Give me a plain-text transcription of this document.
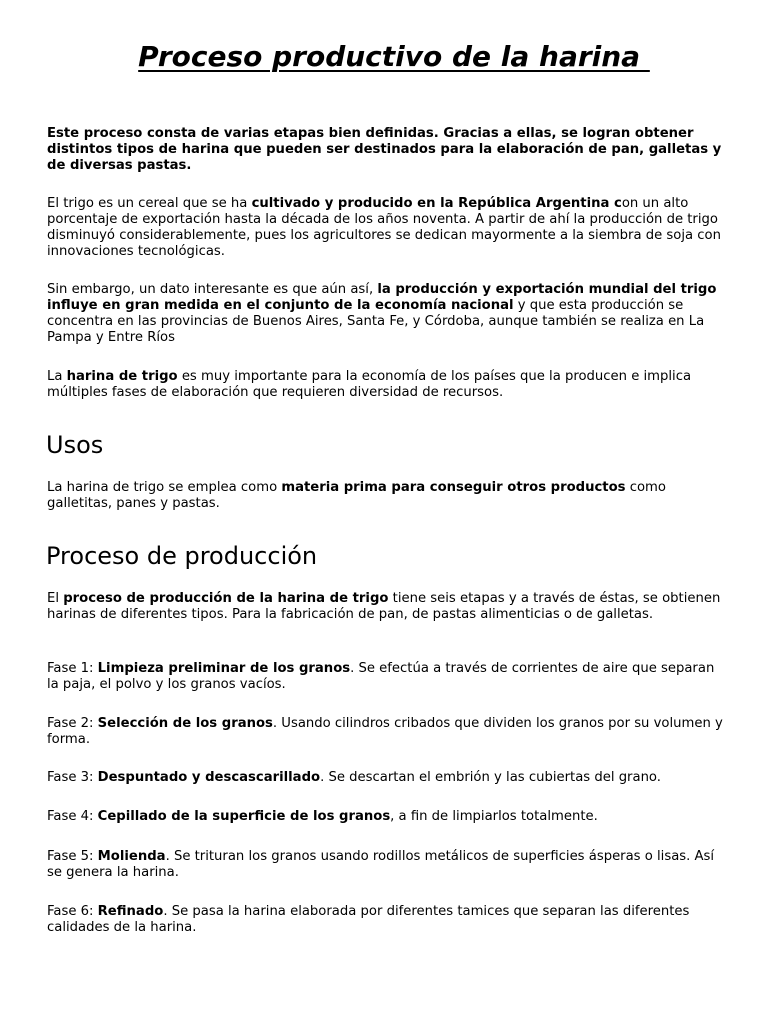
Proceso productivo de la harina

Este proceso consta de varias etapas bien definidas. Gracias a ellas, se logran obtener distintos tipos de harina que pueden ser destinados para la elaboración de pan, galletas y de diversas pastas.

El trigo es un cereal que se ha cultivado y producido en la República Argentina con un alto porcentaje de exportación hasta la década de los años noventa. A partir de ahí la producción de trigo disminuyó considerablemente, pues los agricultores se dedican mayormente a la siembra de soja con innovaciones tecnológicas.

Sin embargo, un dato interesante es que aún así, la producción y exportación mundial del trigo influye en gran medida en el conjunto de la economía nacional y que esta producción se concentra en las provincias de Buenos Aires, Santa Fe, y Córdoba, aunque también se realiza en La Pampa y Entre Ríos

La harina de trigo es muy importante para la economía de los países que la producen e implica múltiples fases de elaboración que requieren diversidad de recursos.

Usos

La harina de trigo se emplea como materia prima para conseguir otros productos como galletitas, panes y pastas.

Proceso de producción

El proceso de producción de la harina de trigo tiene seis etapas y a través de éstas, se obtienen harinas de diferentes tipos. Para la fabricación de pan, de pastas alimenticias o de galletas.

Fase 1: Limpieza preliminar de los granos. Se efectúa a través de corrientes de aire que separan la paja, el polvo y los granos vacíos.

Fase 2: Selección de los granos. Usando cilindros cribados que dividen los granos por su volumen y forma.

Fase 3: Despuntado y descascarillado. Se descartan el embrión y las cubiertas del grano.

Fase 4: Cepillado de la superficie de los granos, a fin de limpiarlos totalmente.

Fase 5: Molienda. Se trituran los granos usando rodillos metálicos de superficies ásperas o lisas. Así se genera la harina.

Fase 6: Refinado. Se pasa la harina elaborada por diferentes tamices que separan las diferentes calidades de la harina.
